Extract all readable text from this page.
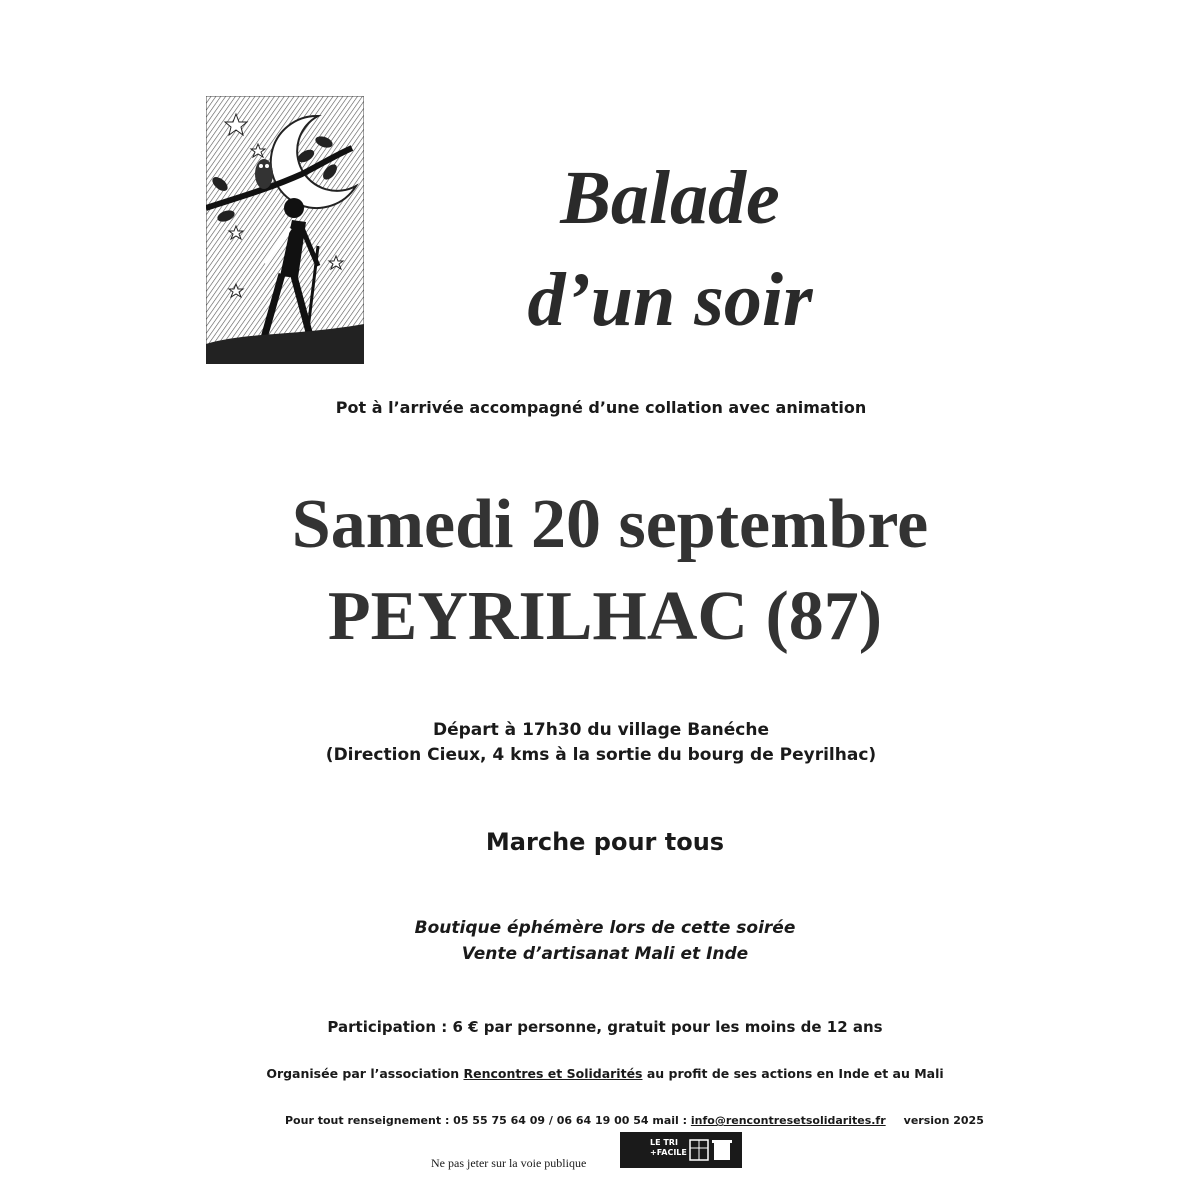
Balade
d’un soir
Pot à l’arrivée accompagné d’une collation avec animation
Samedi 20 septembre
PEYRILHAC (87)
Départ à 17h30 du village Banéche
(Direction Cieux, 4 kms à la sortie du bourg de Peyrilhac)
Marche pour tous
Boutique éphémère lors de cette soirée
Vente d’artisanat Mali et Inde
Participation : 6 € par personne, gratuit pour les moins de 12 ans
Organisée par l’association Rencontres et Solidarités au profit de ses actions en Inde et au Mali
Pour tout renseignement : 05 55 75 64 09 / 06 64 19 00 54 mail : info@rencontresetsolidarites.fr version 2025
Ne pas jeter sur la voie publique
LE TRI
+FACILE
